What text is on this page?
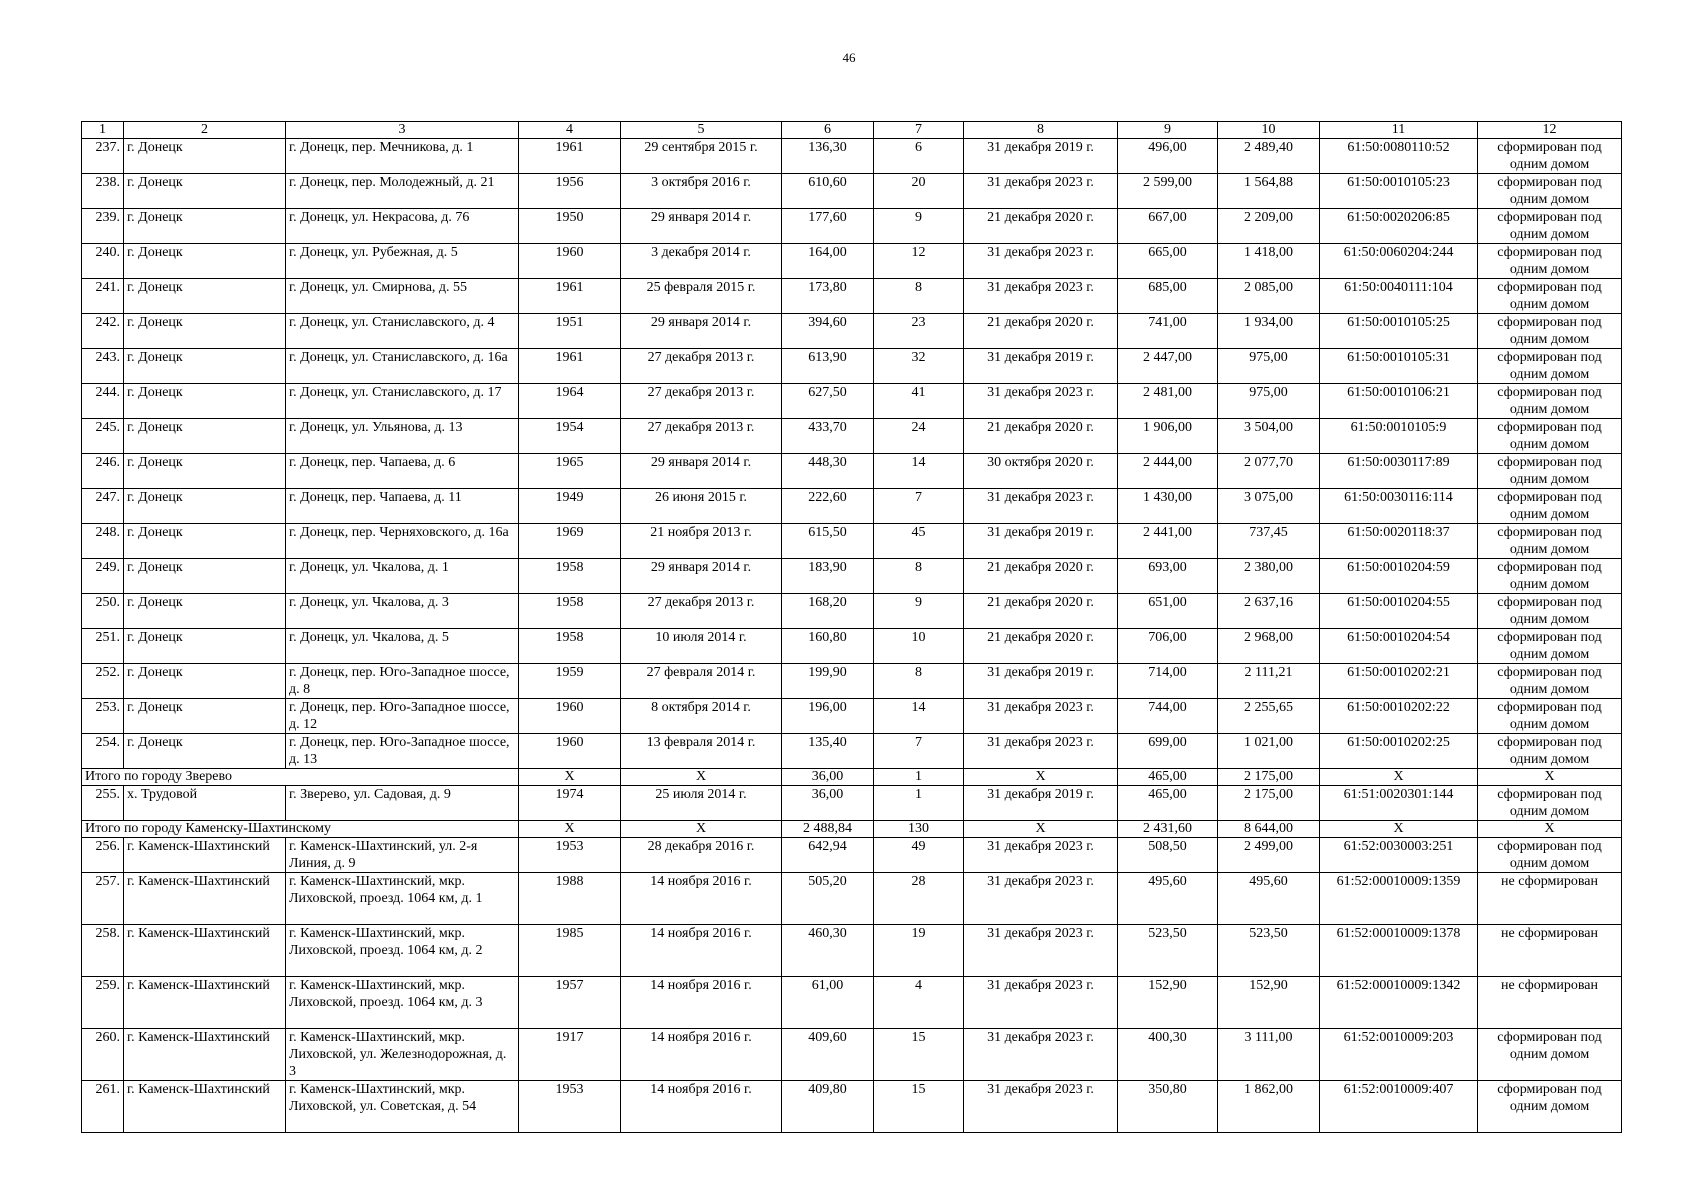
46
1	2	3	4	5	6	7	8	9	10	11	12
237.	г. Донецк	г. Донецк, пер. Мечникова, д. 1	1961	29 сентября 2015 г.	136,30	6	31 декабря 2019 г.	496,00	2 489,40	61:50:0080110:52	сформирован под одним домом
238.	г. Донецк	г. Донецк, пер. Молодежный, д. 21	1956	3 октября 2016 г.	610,60	20	31 декабря 2023 г.	2 599,00	1 564,88	61:50:0010105:23	сформирован под одним домом
239.	г. Донецк	г. Донецк, ул. Некрасова, д. 76	1950	29 января 2014 г.	177,60	9	21 декабря 2020 г.	667,00	2 209,00	61:50:0020206:85	сформирован под одним домом
240.	г. Донецк	г. Донецк, ул. Рубежная, д. 5	1960	3 декабря 2014 г.	164,00	12	31 декабря 2023 г.	665,00	1 418,00	61:50:0060204:244	сформирован под одним домом
241.	г. Донецк	г. Донецк, ул. Смирнова, д. 55	1961	25 февраля 2015 г.	173,80	8	31 декабря 2023 г.	685,00	2 085,00	61:50:0040111:104	сформирован под одним домом
242.	г. Донецк	г. Донецк, ул. Станиславского, д. 4	1951	29 января 2014 г.	394,60	23	21 декабря 2020 г.	741,00	1 934,00	61:50:0010105:25	сформирован под одним домом
243.	г. Донецк	г. Донецк, ул. Станиславского, д. 16а	1961	27 декабря 2013 г.	613,90	32	31 декабря 2019 г.	2 447,00	975,00	61:50:0010105:31	сформирован под одним домом
244.	г. Донецк	г. Донецк, ул. Станиславского, д. 17	1964	27 декабря 2013 г.	627,50	41	31 декабря 2023 г.	2 481,00	975,00	61:50:0010106:21	сформирован под одним домом
245.	г. Донецк	г. Донецк, ул. Ульянова, д. 13	1954	27 декабря 2013 г.	433,70	24	21 декабря 2020 г.	1 906,00	3 504,00	61:50:0010105:9	сформирован под одним домом
246.	г. Донецк	г. Донецк, пер. Чапаева, д. 6	1965	29 января 2014 г.	448,30	14	30 октября 2020 г.	2 444,00	2 077,70	61:50:0030117:89	сформирован под одним домом
247.	г. Донецк	г. Донецк, пер. Чапаева, д. 11	1949	26 июня 2015 г.	222,60	7	31 декабря 2023 г.	1 430,00	3 075,00	61:50:0030116:114	сформирован под одним домом
248.	г. Донецк	г. Донецк, пер. Черняховского, д. 16а	1969	21 ноября 2013 г.	615,50	45	31 декабря 2019 г.	2 441,00	737,45	61:50:0020118:37	сформирован под одним домом
249.	г. Донецк	г. Донецк, ул. Чкалова, д. 1	1958	29 января 2014 г.	183,90	8	21 декабря 2020 г.	693,00	2 380,00	61:50:0010204:59	сформирован под одним домом
250.	г. Донецк	г. Донецк, ул. Чкалова, д. 3	1958	27 декабря 2013 г.	168,20	9	21 декабря 2020 г.	651,00	2 637,16	61:50:0010204:55	сформирован под одним домом
251.	г. Донецк	г. Донецк, ул. Чкалова, д. 5	1958	10 июля 2014 г.	160,80	10	21 декабря 2020 г.	706,00	2 968,00	61:50:0010204:54	сформирован под одним домом
252.	г. Донецк	г. Донецк, пер. Юго-Западное шоссе, д. 8	1959	27 февраля 2014 г.	199,90	8	31 декабря 2019 г.	714,00	2 111,21	61:50:0010202:21	сформирован под одним домом
253.	г. Донецк	г. Донецк, пер. Юго-Западное шоссе, д. 12	1960	8 октября 2014 г.	196,00	14	31 декабря 2023 г.	744,00	2 255,65	61:50:0010202:22	сформирован под одним домом
254.	г. Донецк	г. Донецк, пер. Юго-Западное шоссе, д. 13	1960	13 февраля 2014 г.	135,40	7	31 декабря 2023 г.	699,00	1 021,00	61:50:0010202:25	сформирован под одним домом
Итого по городу Зверево			X	X	36,00	1	X	465,00	2 175,00	X	X
255.	х. Трудовой	г. Зверево, ул. Садовая, д. 9	1974	25 июля 2014 г.	36,00	1	31 декабря 2019 г.	465,00	2 175,00	61:51:0020301:144	сформирован под одним домом
Итого по городу Каменску-Шахтинскому			X	X	2 488,84	130	X	2 431,60	8 644,00	X	X
256.	г. Каменск-Шахтинский	г. Каменск-Шахтинский, ул. 2-я Линия, д. 9	1953	28 декабря 2016 г.	642,94	49	31 декабря 2023 г.	508,50	2 499,00	61:52:0030003:251	сформирован под одним домом
257.	г. Каменск-Шахтинский	г. Каменск-Шахтинский, мкр. Лиховской, проезд. 1064 км, д. 1	1988	14 ноября 2016 г.	505,20	28	31 декабря 2023 г.	495,60	495,60	61:52:00010009:1359	не сформирован
258.	г. Каменск-Шахтинский	г. Каменск-Шахтинский, мкр. Лиховской, проезд. 1064 км, д. 2	1985	14 ноября 2016 г.	460,30	19	31 декабря 2023 г.	523,50	523,50	61:52:00010009:1378	не сформирован
259.	г. Каменск-Шахтинский	г. Каменск-Шахтинский, мкр. Лиховской, проезд. 1064 км, д. 3	1957	14 ноября 2016 г.	61,00	4	31 декабря 2023 г.	152,90	152,90	61:52:00010009:1342	не сформирован
260.	г. Каменск-Шахтинский	г. Каменск-Шахтинский, мкр. Лиховской, ул. Железнодорожная, д. 3	1917	14 ноября 2016 г.	409,60	15	31 декабря 2023 г.	400,30	3 111,00	61:52:0010009:203	сформирован под одним домом
261.	г. Каменск-Шахтинский	г. Каменск-Шахтинский, мкр. Лиховской, ул. Советская, д. 54	1953	14 ноября 2016 г.	409,80	15	31 декабря 2023 г.	350,80	1 862,00	61:52:0010009:407	сформирован под одним домом
